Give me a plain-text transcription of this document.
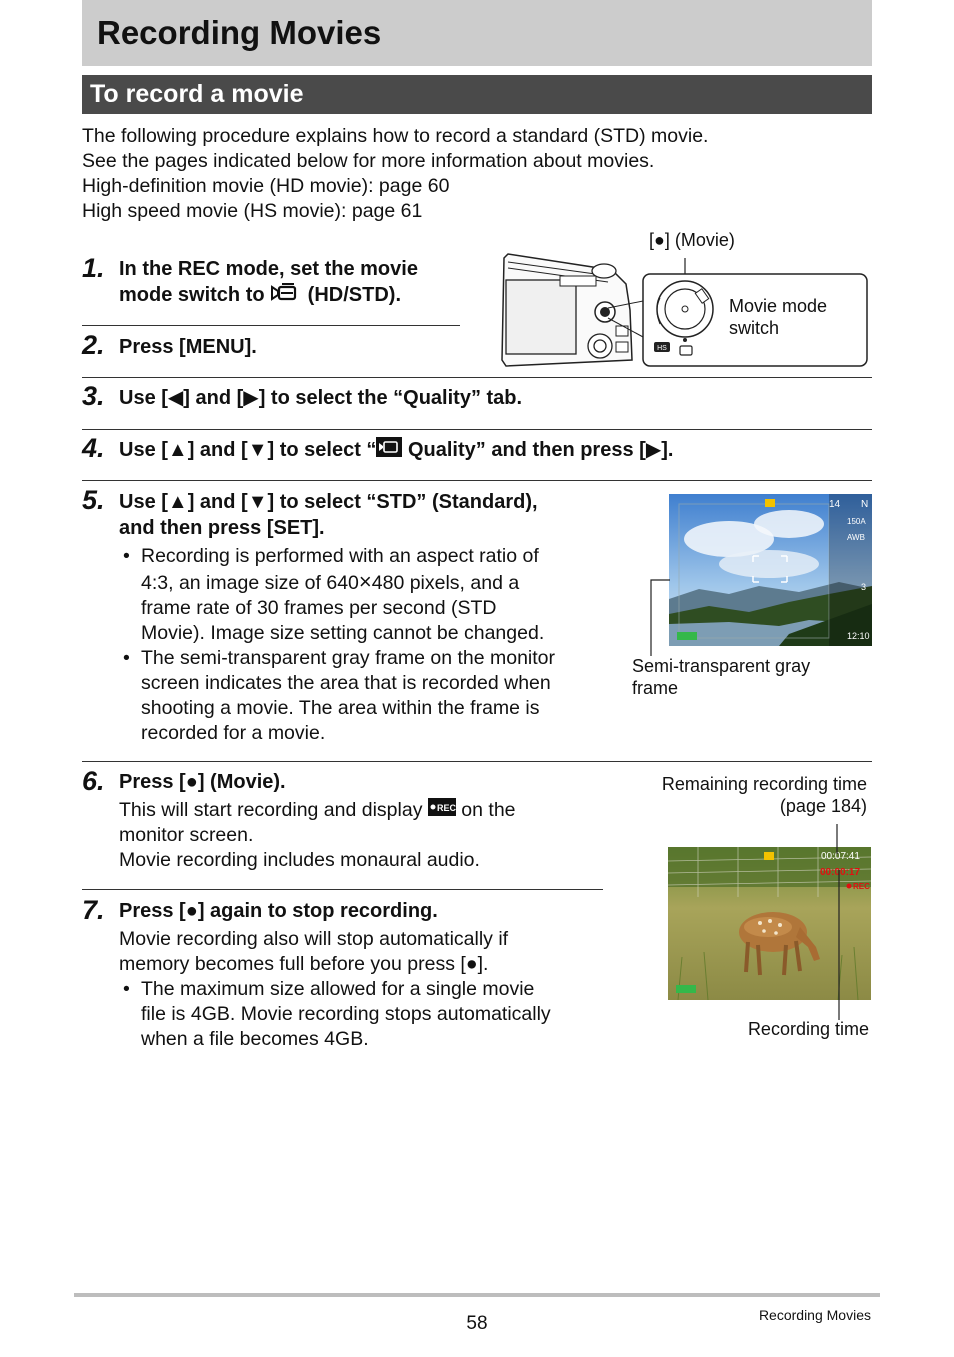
Recording Movies
To record a movie
The following procedure explains how to record a standard (STD) movie.
See the pages indicated below for more information about movies.
High-definition movie (HD movie): page 60
High speed movie (HS movie): page 61
1. In the REC mode, set the movie
mode switch to  (HD/STD).
2. Press [MENU].	HS
[●] (Movie)
Movie mode
switch
3. Use [◀] and [▶] to select the “Quality” tab.
4. Use [▲] and [▼] to select “ Quality” and then press [▶].
5. Use [▲] and [▼] to select “STD” (Standard),
and then press [SET].
• Recording is performed with an aspect ratio of
4:3, an image size of 640×480 pixels, and a
frame rate of 30 frames per second (STD
Movie). Image size setting cannot be changed.
• The semi-transparent gray frame on the monitor
screen indicates the area that is recorded when
shooting a movie. The area within the frame is
recorded for a movie.
14 N
150A
AWB
3
12:10
Semi-transparent gray
frame
6. Press [●] (Movie).
This will start recording and display REC on the
monitor screen.
Movie recording includes monaural audio.
Remaining recording time
(page 184)
00:07:41
00:00:17
REC
Recording time
7. Press [●] again to stop recording.
Movie recording also will stop automatically if
memory becomes full before you press [●].
• The maximum size allowed for a single movie
file is 4GB. Movie recording stops automatically
when a file becomes 4GB.
58	Recording Movies
